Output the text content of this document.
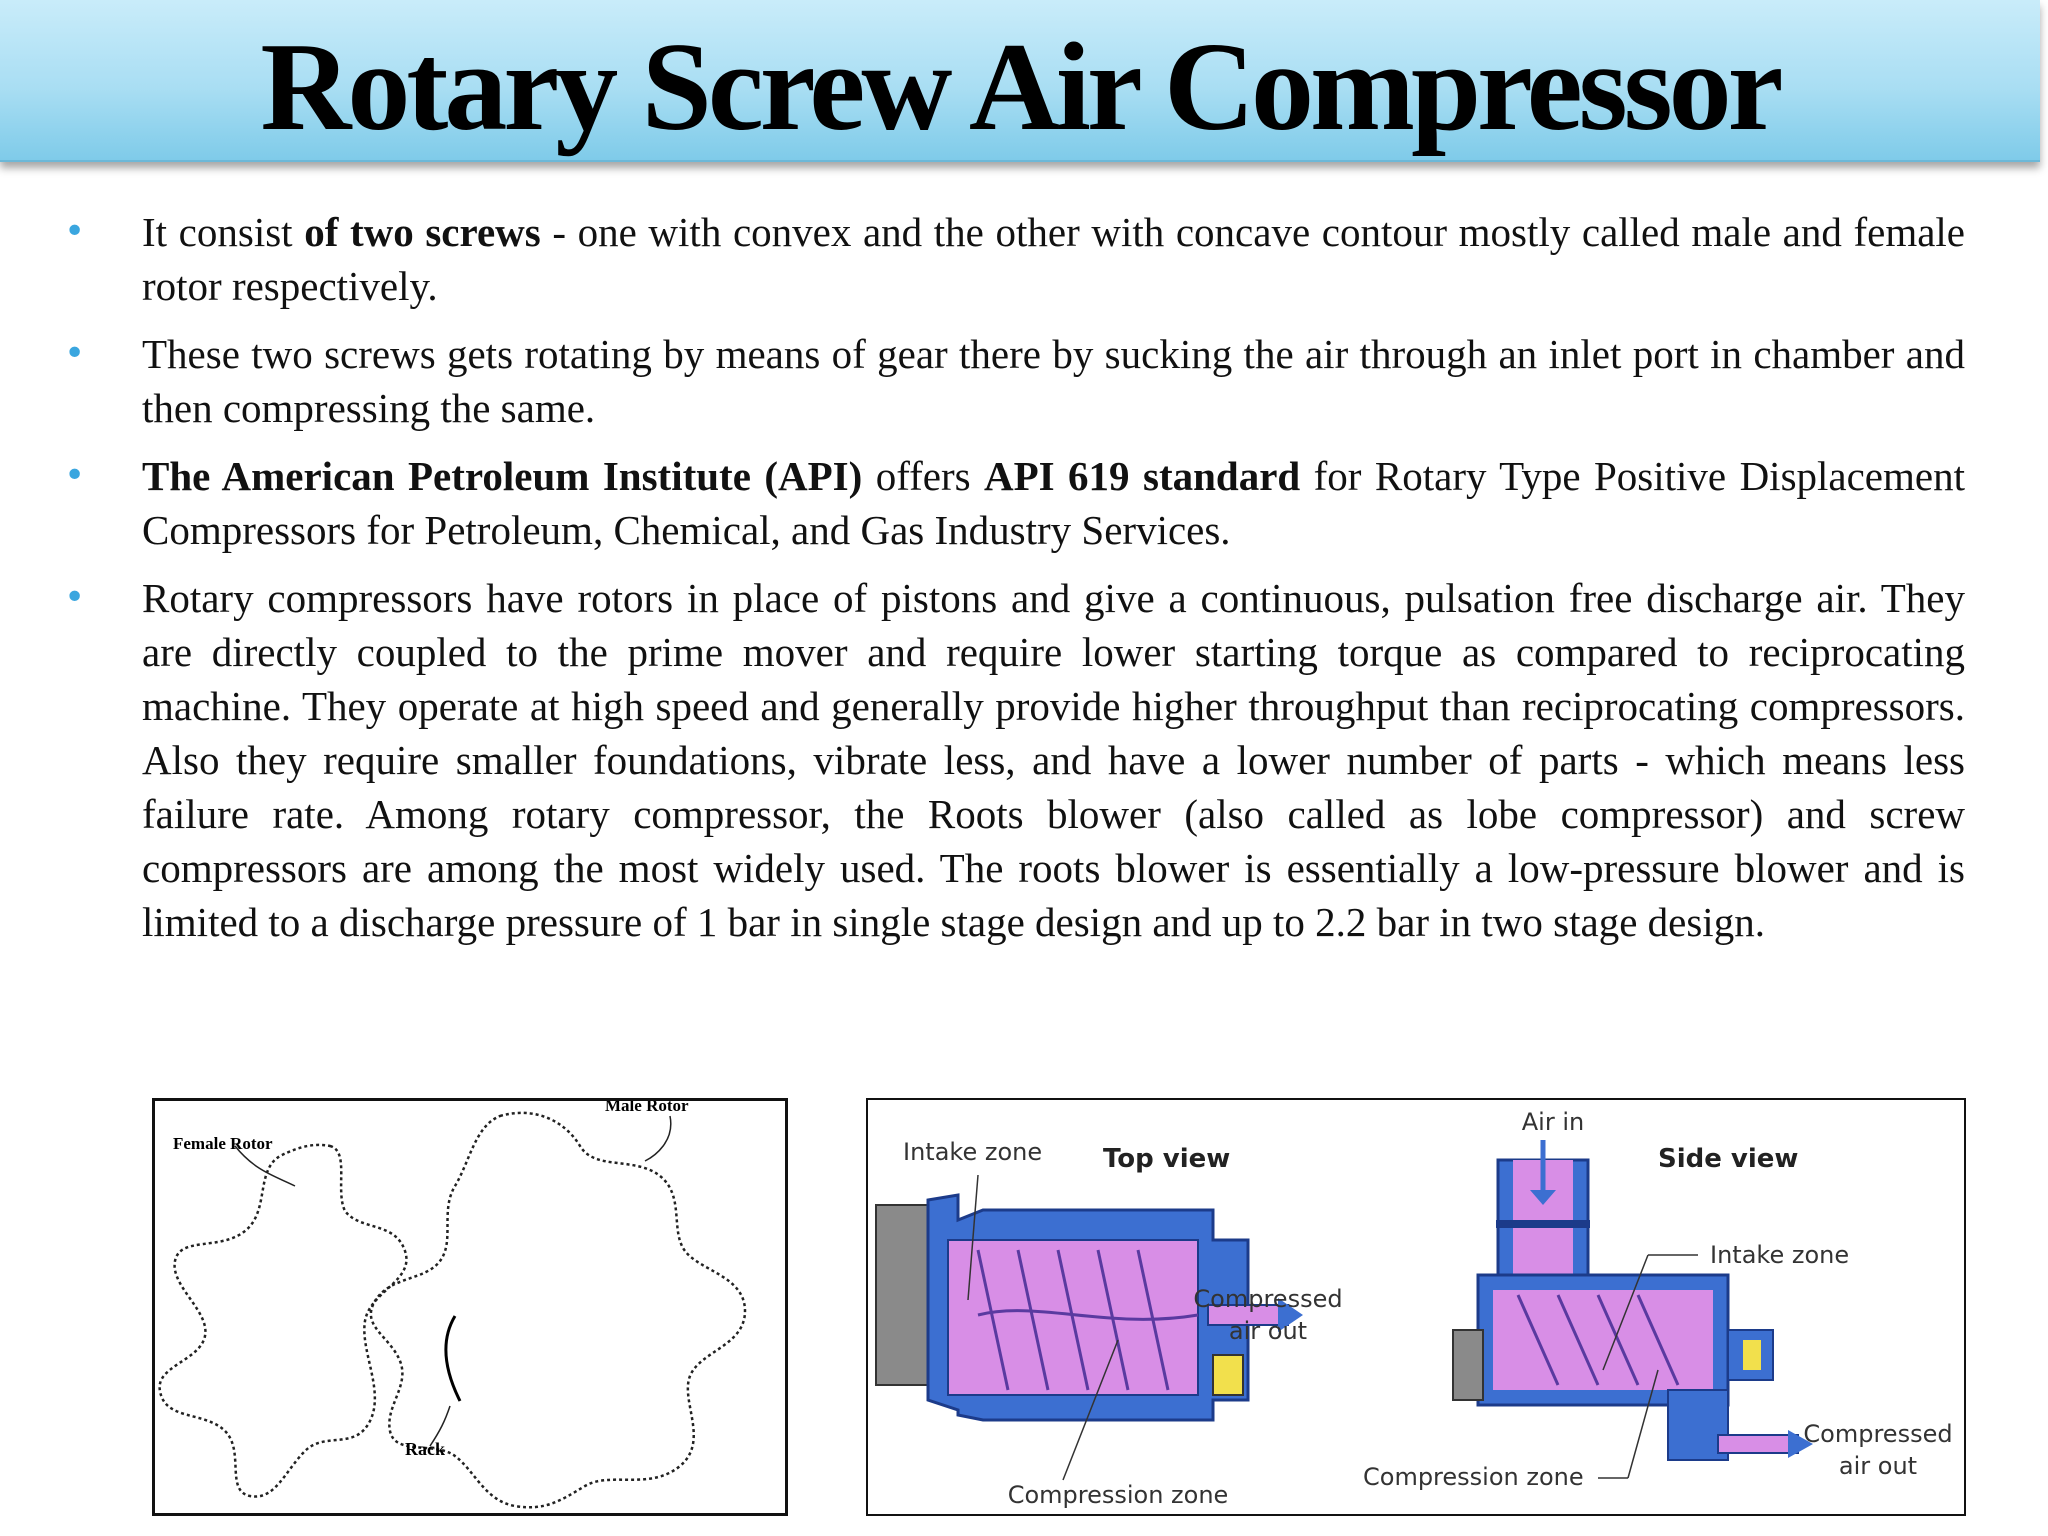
Rotary Screw Air Compressor
• It consist of two screws - one with convex and the other with concave contour mostly called male and female rotor respectively.
• These two screws gets rotating by means of gear there by sucking the air through an inlet port in chamber and then compressing the same.
• The American Petroleum Institute (API) offers API 619 standard for Rotary Type Positive Displacement Compressors for Petroleum, Chemical, and Gas Industry Services.
• Rotary compressors have rotors in place of pistons and give a continuous, pulsation free discharge air. They are directly coupled to the prime mover and require lower starting torque as compared to reciprocating machine. They operate at high speed and generally provide higher throughput than reciprocating compressors. Also they require smaller foundations, vibrate less, and have a lower number of parts - which means less failure rate. Among rotary compressor, the Roots blower (also called as lobe compressor) and screw compressors are among the most widely used. The roots blower is essentially a low-pressure blower and is limited to a discharge pressure of 1 bar in single stage design and up to 2.2 bar in two stage design.
Female Rotor
Male Rotor
Rack
Intake zone Top view
Compressed
air out
Compression zone
Air in
Side view
Intake zone
Compression zone
Compressed
air out
